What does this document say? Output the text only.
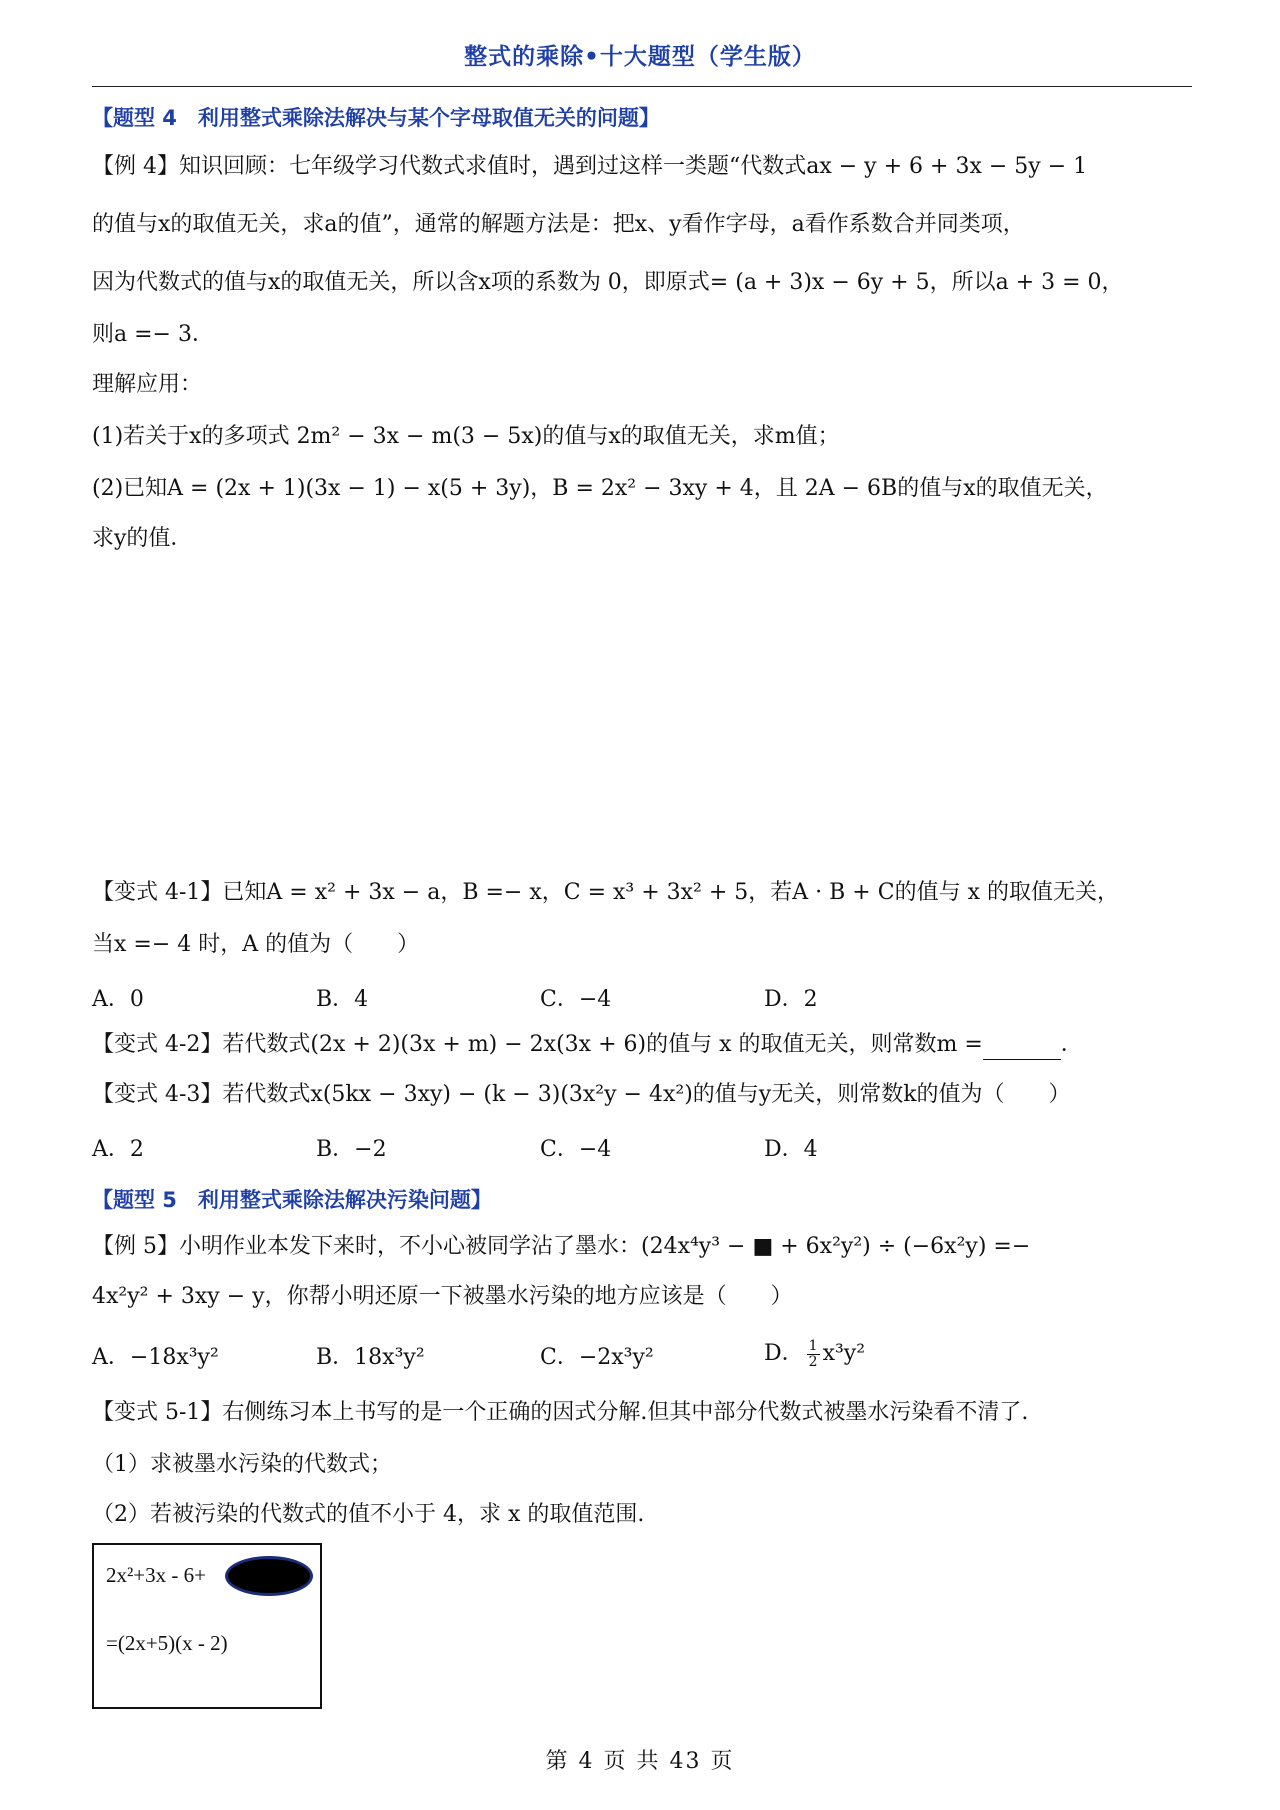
整式的乘除•十大题型（学生版）
【题型 4　利用整式乘除法解决与某个字母取值无关的问题】
【例 4】知识回顾：七年级学习代数式求值时，遇到过这样一类题“代数式ax − y + 6 + 3x − 5y − 1
的值与x的取值无关，求a的值”，通常的解题方法是：把x、y看作字母，a看作系数合并同类项，
因为代数式的值与x的取值无关，所以含x项的系数为 0，即原式= (a + 3)x − 6y + 5，所以a + 3 = 0，
则a =− 3．
理解应用：
(1)若关于x的多项式 2m² − 3x − m(3 − 5x)的值与x的取值无关，求m值；
(2)已知A = (2x + 1)(3x − 1) − x(5 + 3y)，B = 2x² − 3xy + 4，且 2A − 6B的值与x的取值无关，
求y的值．
【变式 4-1】已知A = x² + 3x − a，B =− x，C = x³ + 3x² + 5，若A · B + C的值与 x 的取值无关，
当x =− 4 时，A 的值为（　　）
A．0	B．4	C．−4	D．2
【变式 4-2】若代数式(2x + 2)(3x + m) − 2x(3x + 6)的值与 x 的取值无关，则常数m =	．
【变式 4-3】若代数式x(5kx − 3xy) − (k − 3)(3x²y − 4x²)的值与y无关，则常数k的值为（　　）
A．2	B．−2	C．−4	D．4
【题型 5　利用整式乘除法解决污染问题】
【例 5】小明作业本发下来时，不小心被同学沾了墨水：(24x⁴y³ − ■ + 6x²y²) ÷ (−6x²y) =−
4x²y² + 3xy − y，你帮小明还原一下被墨水污染的地方应该是（　　）
A．−18x³y²	B．18x³y²	C．−2x³y²	D． $\frac{1}{2} x^3y^2$
【变式 5-1】右侧练习本上书写的是一个正确的因式分解.但其中部分代数式被墨水污染看不清了.
（1）求被墨水污染的代数式；
（2）若被污染的代数式的值不小于 4，求 x 的取值范围.
2x²+3x - 6+
=(2x+5)(x - 2)
第 4 页 共 43 页
